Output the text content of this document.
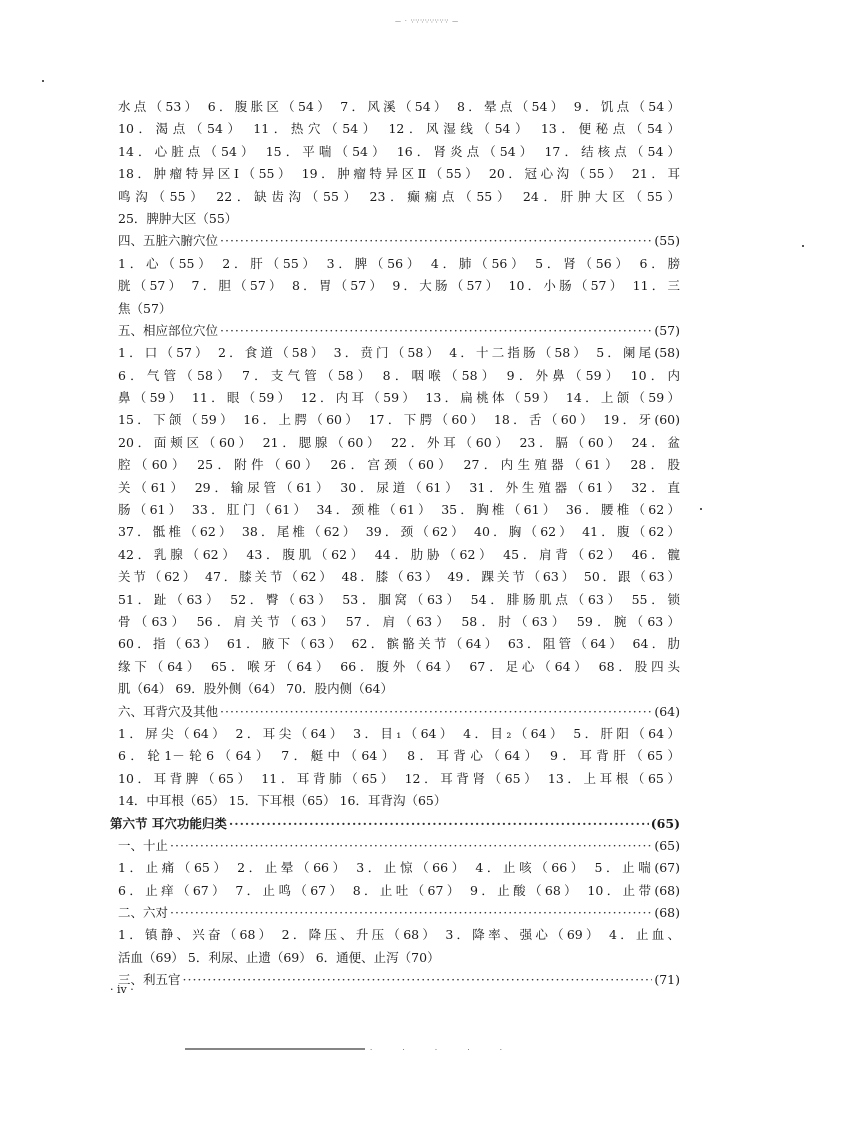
— · ∵∵∵∵∵∵∵∵ —
水点（53） 6．腹胀区（54） 7．风溪（54） 8．晕点（54） 9．饥点（54）
10．渴点（54） 11．热穴（54） 12．风湿线（54） 13．便秘点（54）
14．心脏点（54） 15．平喘（54） 16．肾炎点（54） 17．结核点（54）
18．肿瘤特异区Ⅰ（55） 19．肿瘤特异区Ⅱ（55） 20．冠心沟（55） 21．耳
鸣沟（55） 22．缺齿沟（55） 23．癫痫点（55） 24．肝肿大区（55）
25．脾肿大区（55）
四、五脏六腑穴位 ·····	(55)
1．心（55） 2．肝（55） 3．脾（56） 4．肺（56） 5．肾（56） 6．膀
胱（57） 7．胆（57） 8．胃（57） 9．大肠（57） 10．小肠（57） 11．三
焦（57）
五、相应部位穴位 ·····	(57)
1．口（57） 2．食道（58） 3．贲门（58） 4．十二指肠（58） 5．阑尾(58)
6．气管（58） 7．支气管（58） 8．咽喉（58） 9．外鼻（59） 10．内
鼻（59） 11．眼（59） 12．内耳（59） 13．扁桃体（59） 14．上颌（59）
15．下颌（59） 16．上腭（60） 17．下腭（60） 18．舌（60） 19．牙(60)
20．面颊区（60） 21．腮腺（60） 22．外耳（60） 23．膈（60） 24．盆
腔（60） 25．附件（60） 26．宫颈（60） 27．内生殖器（61） 28．股
关（61） 29．输尿管（61） 30．尿道（61） 31．外生殖器（61） 32．直
肠（61） 33．肛门（61） 34．颈椎（61） 35．胸椎（61） 36．腰椎（62）
37．骶椎（62） 38．尾椎（62） 39．颈（62） 40．胸（62） 41．腹（62）
42．乳腺（62） 43．腹肌（62） 44．肋胁（62） 45．肩背（62） 46．髋
关节（62） 47．膝关节（62） 48．膝（63） 49．踝关节（63） 50．跟（63）
51．趾（63） 52．臀（63） 53．腘窝（63） 54．腓肠肌点（63） 55．锁
骨（63） 56．肩关节（63） 57．肩（63） 58．肘（63） 59．腕（63）
60．指（63） 61．腋下（63） 62．髌骼关节（64） 63．阻管（64） 64．肋
缘下（64） 65．喉牙（64） 66．腹外（64） 67．足心（64） 68．股四头
肌（64） 69．股外侧（64） 70．股内侧（64）
六、耳背穴及其他 ·····	(64)
1．屏尖（64） 2．耳尖（64） 3．目₁（64） 4．目₂（64） 5．肝阳（64）
6．轮1－轮6（64） 7．艇中（64） 8．耳背心（64） 9．耳背肝（65）
10．耳背脾（65） 11．耳背肺（65） 12．耳背肾（65） 13．上耳根（65）
14．中耳根（65） 15．下耳根（65） 16．耳背沟（65）
第六节 耳穴功能归类 ·····	(65)
一、十止 ·····	(65)
1．止痛（65） 2．止晕（66） 3．止惊（66） 4．止咳（66） 5．止喘(67)
6．止痒（67） 7．止鸣（67） 8．止吐（67） 9．止酸（68） 10．止带(68)
二、六对 ·····	(68)
1．镇静、兴奋（68） 2．降压、升压（68） 3．降率、强心（69） 4．止血、
活血（69） 5．利尿、止遗（69） 6．通便、止泻（70）
三、利五官 ·····	(71)
· iv ·
· · · · ·
